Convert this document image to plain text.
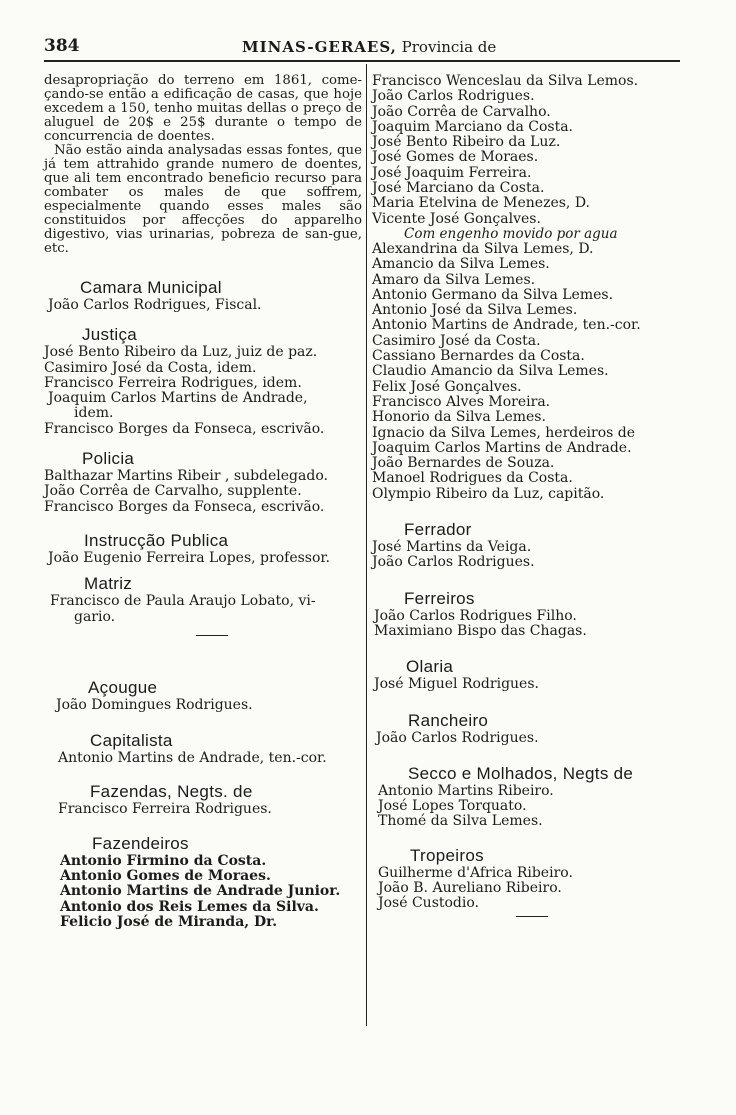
384	MINAS-GERAES, Provincia de

desapropriação do terreno em 1861, come-çando-se então a edificação de casas, que hoje excedem a 150, tenho muitas dellas o preço de aluguel de 20$ e 25$ durante o tempo de concurrencia de doentes.

Não estão ainda analysadas essas fontes, que já tem attrahido grande numero de doentes, que ali tem encontrado beneficio recurso para combater os males de que soffrem, especialmente quando esses males são constituidos por affecções do apparelho digestivo, vias urinarias, pobreza de san-gue, etc.

Camara Municipal

João Carlos Rodrigues, Fiscal.

Justiça

José Bento Ribeiro da Luz, juiz de paz.

Casimiro José da Costa, idem.

Francisco Ferreira Rodrigues, idem.

Joaquim Carlos Martins de Andrade,

idem.

Francisco Borges da Fonseca, escrivão.

Policia

Balthazar Martins Ribeir , subdelegado.

João Corrêa de Carvalho, supplente.

Francisco Borges da Fonseca, escrivão.

Instrucção Publica

João Eugenio Ferreira Lopes, professor.

Matriz

Francisco de Paula Araujo Lobato, vi-

gario.

Açougue

João Domingues Rodrigues.

Capitalista

Antonio Martins de Andrade, ten.-cor.

Fazendas, Negts. de

Francisco Ferreira Rodrigues.

Fazendeiros

Antonio Firmino da Costa.

Antonio Gomes de Moraes.

Antonio Martins de Andrade Junior.

Antonio dos Reis Lemes da Silva.

Felicio José de Miranda, Dr.

Francisco Wenceslau da Silva Lemos.

João Carlos Rodrigues.

João Corrêa de Carvalho.

Joaquim Marciano da Costa.

José Bento Ribeiro da Luz.

José Gomes de Moraes.

José Joaquim Ferreira.

José Marciano da Costa.

Maria Etelvina de Menezes, D.

Vicente José Gonçalves.

Com engenho movido por agua

Alexandrina da Silva Lemes, D.

Amancio da Silva Lemes.

Amaro da Silva Lemes.

Antonio Germano da Silva Lemes.

Antonio José da Silva Lemes.

Antonio Martins de Andrade, ten.-cor.

Casimiro José da Costa.

Cassiano Bernardes da Costa.

Claudio Amancio da Silva Lemes.

Felix José Gonçalves.

Francisco Alves Moreira.

Honorio da Silva Lemes.

Ignacio da Silva Lemes, herdeiros de

Joaquim Carlos Martins de Andrade.

João Bernardes de Souza.

Manoel Rodrigues da Costa.

Olympio Ribeiro da Luz, capitão.

Ferrador

José Martins da Veiga.

João Carlos Rodrigues.

Ferreiros

João Carlos Rodrigues Filho.

Maximiano Bispo das Chagas.

Olaria

José Miguel Rodrigues.

Rancheiro

João Carlos Rodrigues.

Secco e Molhados, Negts de

Antonio Martins Ribeiro.

José Lopes Torquato.

Thomé da Silva Lemes.

Tropeiros

Guilherme d'Africa Ribeiro.

João B. Aureliano Ribeiro.

José Custodio.
